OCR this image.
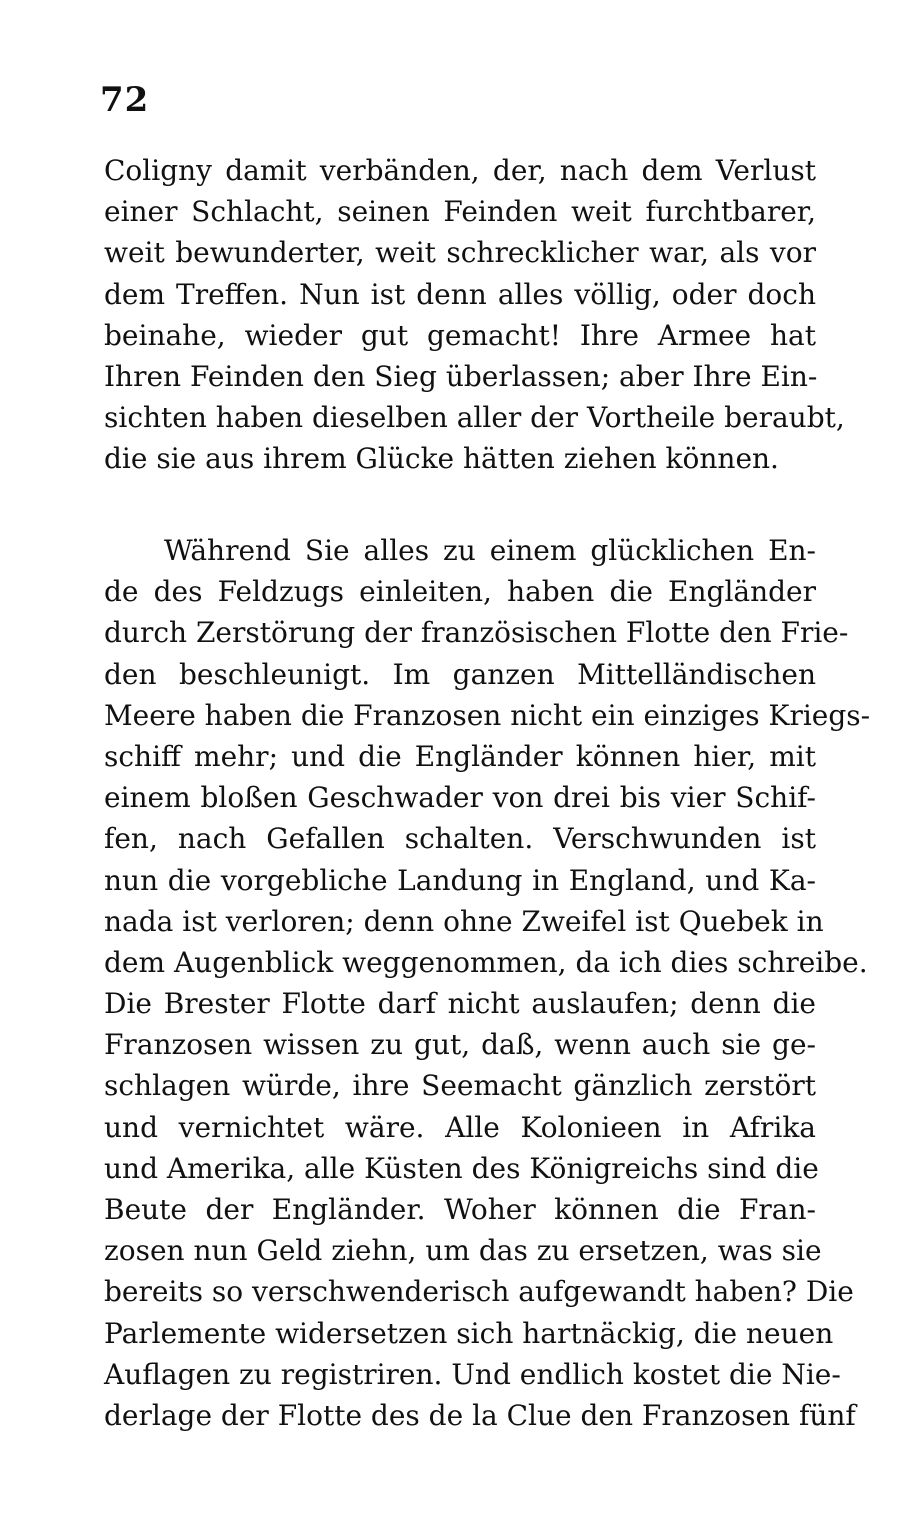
72
Coligny damit verbänden, der, nach dem Verlust
einer Schlacht, seinen Feinden weit furchtbarer,
weit bewunderter, weit schrecklicher war, als vor
dem Treffen. Nun ist denn alles völlig, oder doch
beinahe, wieder gut gemacht! Ihre Armee hat
Ihren Feinden den Sieg überlassen; aber Ihre Ein-
sichten haben dieselben aller der Vortheile beraubt,
die sie aus ihrem Glücke hätten ziehen können.
Während Sie alles zu einem glücklichen En-
de des Feldzugs einleiten, haben die Engländer
durch Zerstörung der französischen Flotte den Frie-
den beschleunigt. Im ganzen Mittelländischen
Meere haben die Franzosen nicht ein einziges Kriegs-
schiff mehr; und die Engländer können hier, mit
einem bloßen Geschwader von drei bis vier Schif-
fen, nach Gefallen schalten. Verschwunden ist
nun die vorgebliche Landung in England, und Ka-
nada ist verloren; denn ohne Zweifel ist Quebek in
dem Augenblick weggenommen, da ich dies schreibe.
Die Brester Flotte darf nicht auslaufen; denn die
Franzosen wissen zu gut, daß, wenn auch sie ge-
schlagen würde, ihre Seemacht gänzlich zerstört
und vernichtet wäre. Alle Kolonieen in Afrika
und Amerika, alle Küsten des Königreichs sind die
Beute der Engländer. Woher können die Fran-
zosen nun Geld ziehn, um das zu ersetzen, was sie
bereits so verschwenderisch aufgewandt haben? Die
Parlemente widersetzen sich hartnäckig, die neuen
Auflagen zu registriren. Und endlich kostet die Nie-
derlage der Flotte des de la Clue den Franzosen fünf
